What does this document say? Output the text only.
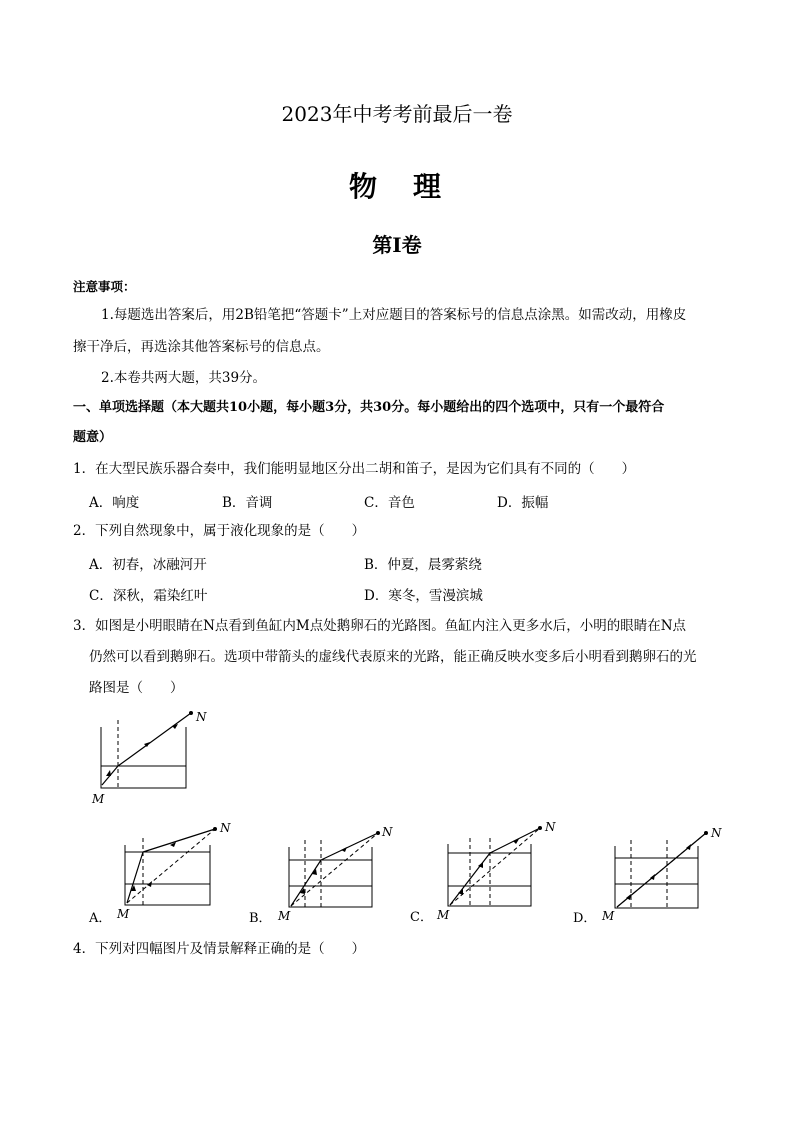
2023年中考考前最后一卷
物　理
第Ⅰ卷
注意事项：
1.每题选出答案后，用2B铅笔把“答题卡”上对应题目的答案标号的信息点涂黑。如需改动，用橡皮
擦干净后，再选涂其他答案标号的信息点。
2.本卷共两大题，共39分。
一、单项选择题（本大题共10小题，每小题3分，共30分。每小题给出的四个选项中，只有一个最符合
题意）
1．在大型民族乐器合奏中，我们能明显地区分出二胡和笛子，是因为它们具有不同的（　　）
A．响度	B．音调	C．音色	D．振幅
2．下列自然现象中，属于液化现象的是（　　）
A．初春，冰融河开	B．仲夏，晨雾萦绕
C．深秋，霜染红叶	D．寒冬，雪漫滨城
3．如图是小明眼睛在N点看到鱼缸内M点处鹅卵石的光路图。鱼缸内注入更多水后，小明的眼睛在N点
仍然可以看到鹅卵石。选项中带箭头的虚线代表原来的光路，能正确反映水变多后小明看到鹅卵石的光
路图是（　　）
N
M
N
M
A．
N
M
B．
N
M
C．
N
M
D．
4．下列对四幅图片及情景解释正确的是（　　）
